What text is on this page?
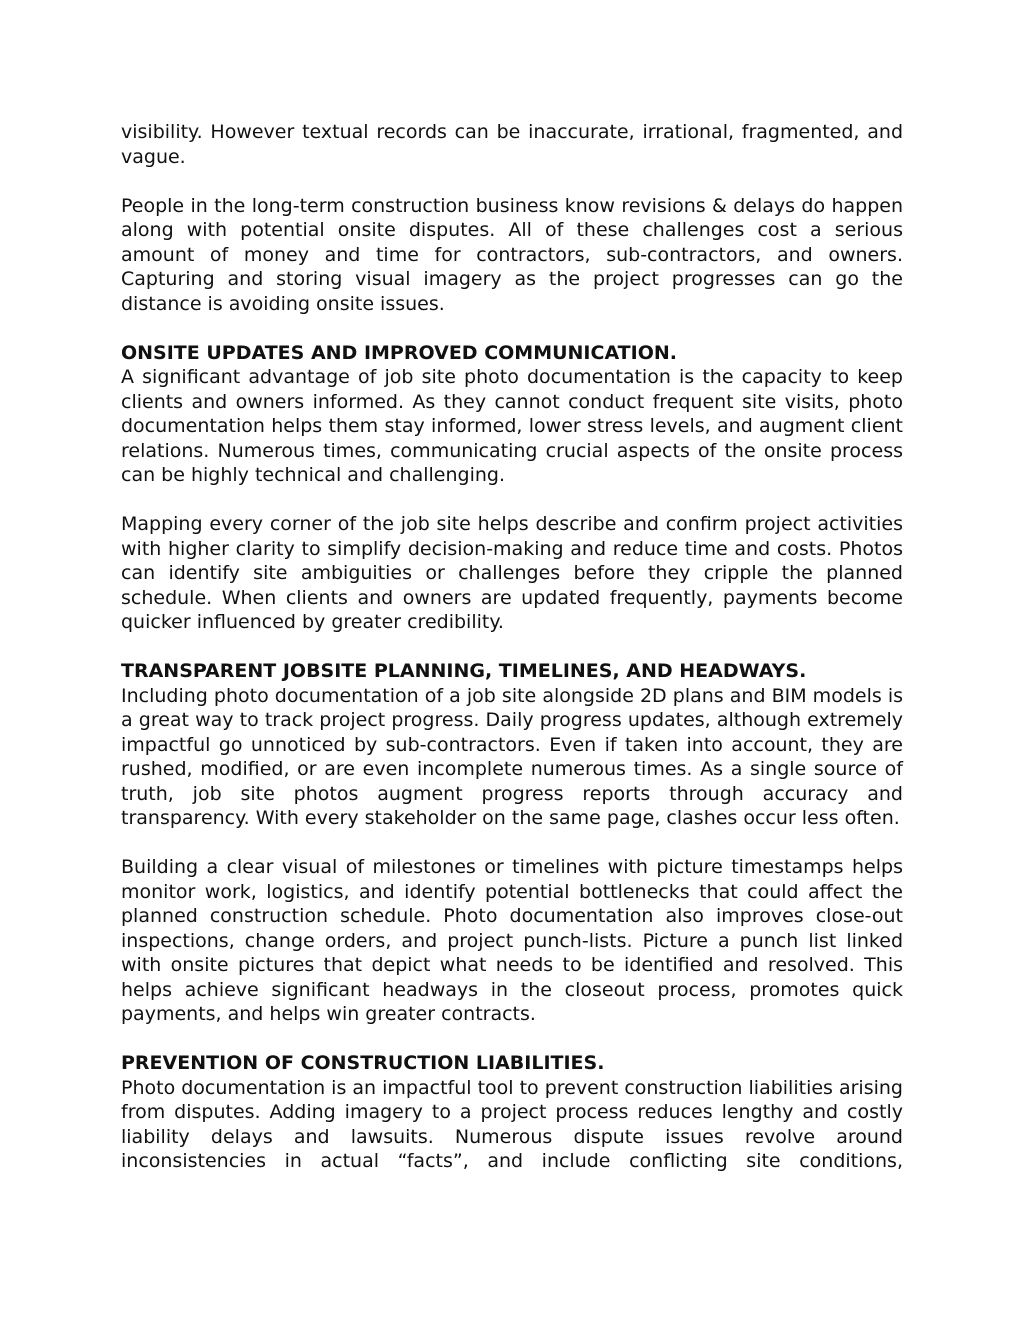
visibility. However textual records can be inaccurate, irrational, fragmented, and vague.

People in the long-term construction business know revisions & delays do happen along with potential onsite disputes. All of these challenges cost a serious amount of money and time for contractors, sub-contractors, and owners. Capturing and storing visual imagery as the project progresses can go the distance is avoiding onsite issues.

ONSITE UPDATES AND IMPROVED COMMUNICATION.

A significant advantage of job site photo documentation is the capacity to keep clients and owners informed. As they cannot conduct frequent site visits, photo documentation helps them stay informed, lower stress levels, and augment client relations. Numerous times, communicating crucial aspects of the onsite process can be highly technical and challenging.

Mapping every corner of the job site helps describe and confirm project activities with higher clarity to simplify decision-making and reduce time and costs. Photos can identify site ambiguities or challenges before they cripple the planned schedule. When clients and owners are updated frequently, payments become quicker influenced by greater credibility.

TRANSPARENT JOBSITE PLANNING, TIMELINES, AND HEADWAYS.

Including photo documentation of a job site alongside 2D plans and BIM models is a great way to track project progress. Daily progress updates, although extremely impactful go unnoticed by sub-contractors. Even if taken into account, they are rushed, modified, or are even incomplete numerous times. As a single source of truth, job site photos augment progress reports through accuracy and transparency. With every stakeholder on the same page, clashes occur less often.

Building a clear visual of milestones or timelines with picture timestamps helps monitor work, logistics, and identify potential bottlenecks that could affect the planned construction schedule. Photo documentation also improves close-out inspections, change orders, and project punch-lists. Picture a punch list linked with onsite pictures that depict what needs to be identified and resolved. This helps achieve significant headways in the closeout process, promotes quick payments, and helps win greater contracts.

PREVENTION OF CONSTRUCTION LIABILITIES.

Photo documentation is an impactful tool to prevent construction liabilities arising from disputes. Adding imagery to a project process reduces lengthy and costly liability delays and lawsuits. Numerous dispute issues revolve around inconsistencies in actual “facts”, and include conflicting site conditions,
